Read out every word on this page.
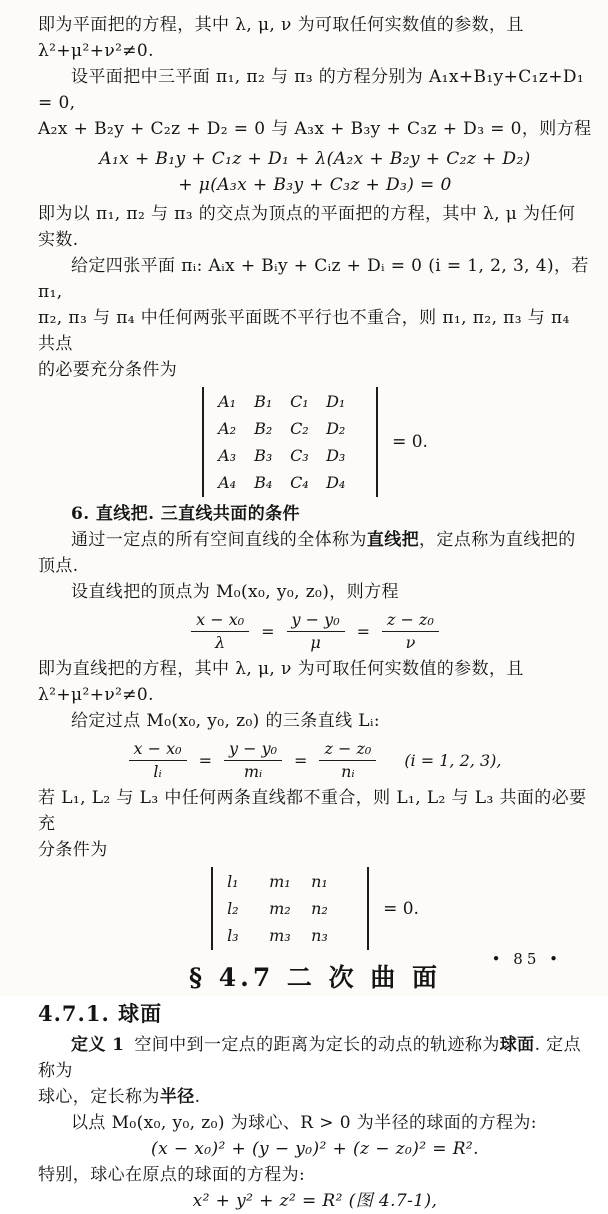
即为平面把的方程，其中 λ, μ, ν 为可取任何实数值的参数，且 λ²+μ²+ν²≠0.

设平面把中三平面 π₁, π₂ 与 π₃ 的方程分别为 A₁x+B₁y+C₁z+D₁ = 0,

A₂x + B₂y + C₂z + D₂ = 0 与 A₃x + B₃y + C₃z + D₃ = 0，则方程

A₁x + B₁y + C₁z + D₁ + λ(A₂x + B₂y + C₂z + D₂)

+ μ(A₃x + B₃y + C₃z + D₃) = 0

即为以 π₁, π₂ 与 π₃ 的交点为顶点的平面把的方程，其中 λ, μ 为任何实数.

给定四张平面 πᵢ: Aᵢx + Bᵢy + Cᵢz + Dᵢ = 0 (i = 1, 2, 3, 4)，若 π₁,

π₂, π₃ 与 π₄ 中任何两张平面既不平行也不重合，则 π₁, π₂, π₃ 与 π₄ 共点

的必要充分条件为

A₁	B₁	C₁	D₁
A₂	B₂	C₂	D₂
A₃	B₃	C₃	D₃
A₄	B₄	C₄	D₄
= 0.

6. 直线把. 三直线共面的条件

通过一定点的所有空间直线的全体称为直线把，定点称为直线把的顶点.

设直线把的顶点为 M₀(x₀, y₀, z₀)，则方程

$\frac{\text{x − x₀}}{\lambda} = \frac{\text{y − y₀}}{\mu} = \frac{\text{z − z₀}}{\nu}$

即为直线把的方程，其中 λ, μ, ν 为可取任何实数值的参数，且 λ²+μ²+ν²≠0.

给定过点 M₀(x₀, y₀, z₀) 的三条直线 Lᵢ:

$\frac{\text{x − x₀}}{\text{lᵢ}} = \frac{\text{y − y₀}}{\text{mᵢ}} = \frac{\text{z − z₀}}{\text{nᵢ}} (i = 1$, 2, 3),

若 L₁, L₂ 与 L₃ 中任何两条直线都不重合，则 L₁, L₂ 与 L₃ 共面的必要充

分条件为

l₁	m₁	n₁
l₂	m₂	n₂
l₃	m₃	n₃
= 0.
§ 4.7 二 次 曲 面
4.7.1. 球面

定义 1 空间中到一定点的距离为定长的动点的轨迹称为球面. 定点称为

球心，定长称为半径.

以点 M₀(x₀, y₀, z₀) 为球心、R > 0 为半径的球面的方程为:

(x − x₀)² + (y − y₀)² + (z − z₀)² = R².

特别，球心在原点的球面的方程为:

x² + y² + z² = R² (图 4.7-1),

• 85 •
